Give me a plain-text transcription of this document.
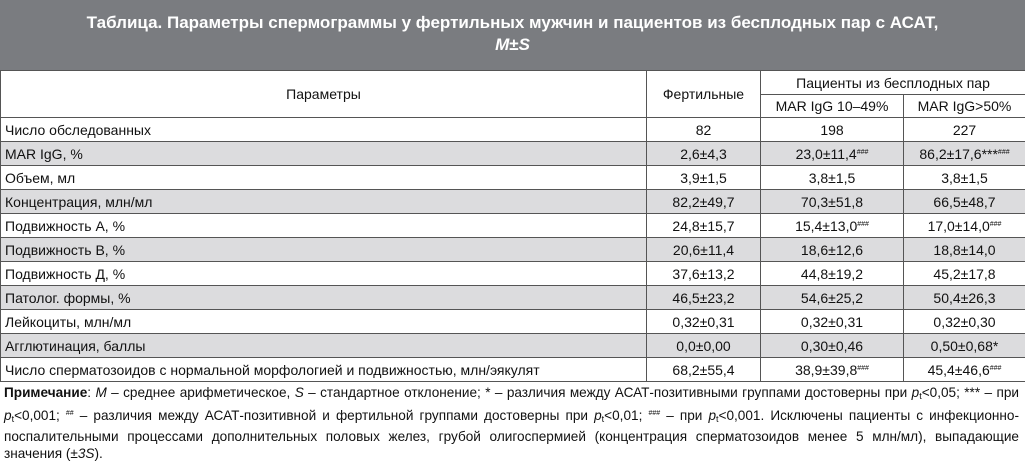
Таблица. Параметры спермограммы у фертильных мужчин и пациентов из бесплодных пар с АСАТ,
M±S
Параметры	Фертильные	Пациенты из бесплодных пар	
		MAR IgG 10–49%	MAR IgG>50%
Число обследованных	82	198	227
MAR IgG, %	2,6±4,3	23,0±11,4###	86,2±17,6***###
Объем, мл	3,9±1,5	3,8±1,5	3,8±1,5
Концентрация, млн/мл	82,2±49,7	70,3±51,8	66,5±48,7
Подвижность А, %	24,8±15,7	15,4±13,0###	17,0±14,0###
Подвижность В, %	20,6±11,4	18,6±12,6	18,8±14,0
Подвижность Д, %	37,6±13,2	44,8±19,2	45,2±17,8
Патолог. формы, %	46,5±23,2	54,6±25,2	50,4±26,3
Лейкоциты, млн/мл	0,32±0,31	0,32±0,31	0,32±0,30
Агглютинация, баллы	0,0±0,00	0,30±0,46	0,50±0,68*
Число сперматозоидов с нормальной морфологией и подвижностью, млн/эякулят	68,2±55,4	38,9±39,8###	45,4±46,6###
Примечание: M – среднее арифметическое, S – стандартное отклонение; * – различия между АСАТ-позитивными группами достоверны при $p_t<0,05$; *** – при $p_t<0,001$; ## – различия между АСАТ-позитивной и фертильной группами достоверны при $p_t<0,01$; ### – при $p_t<0,001$. Исключены пациенты с инфекционно-поспалительными процессами дополнительных половых желез, грубой олигоспермией (концентрация сперматозоидов менее 5 млн/мл), выпадающие значения (±3S).
